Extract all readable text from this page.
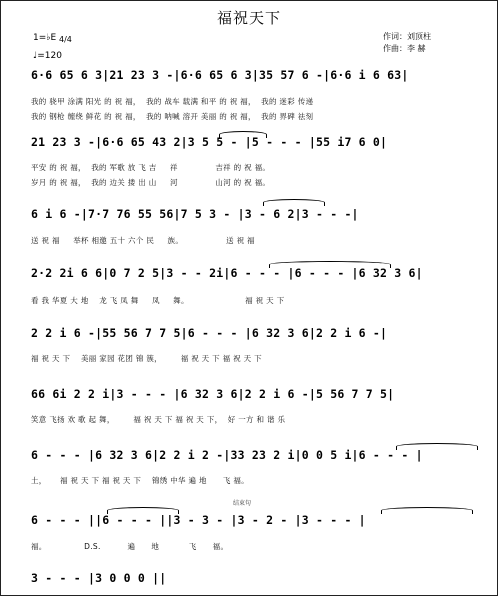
福祝天下
1=♭E 4/4
♩=120
作词：刘顶柱
作曲：李 赫
6·6 65 6 3|21 23 3 -|6·6 65 6 3|35 57 6 -|6·6 i 6 63|
我的 骁甲 涂满 阳光 的 祝 福，  我的 战车 载满 和平 的 祝 福，  我的 迷彩 传递
我的 钢枪 缠绕 鲜花 的 祝 福，  我的 呐喊 溶开 美丽 的 祝 福，  我的 界碑 祛刻
21 23 3 -|6·6 65 43 2|3 5 5 - |5 - - - |55 i7 6 0|
平安 的 祝 福，  我的 军歌 放 飞 吉     祥              吉祥 的 祝 福。
岁月 的 祝 福，  我的 边关 搂 出 山     河              山河 的 祝 福。
6 i 6 -|7·7 76 55 56|7 5 3 - |3 - 6 2|3 - - -|
送 祝 福     举杯 相邀 五十 六个 民     族。                送 祝 福
2·2 2i 6 6|0 7 2 5|3 - - 2i|6 - - - |6 - - - |6 32 3 6|
看 我 华夏 大 地    龙 飞 凤 舞     凤     舞。                     福 祝 天 下
2 2 i 6 -|55 56 7 7 5|6 - - - |6 32 3 6|2 2 i 6 -|
福 祝 天 下    美丽 家园 花团 锦 簇，       福 祝 天 下 福 祝 天 下
66 6i 2 2 i|3 - - - |6 32 3 6|2 2 i 6 -|5 56 7 7 5|
笑意 飞扬 欢 歌 起 舞，       福 祝 天 下 福 祝 天 下，  好 一方 和 谐 乐
6 - - - |6 32 3 6|2 2 i 2 -|33 23 2 i|0 0 5 i|6 - - - |
土，     福 祝 天 下 福 祝 天 下    锦绣 中华 遍 地      飞 福。
结束句
6 - - - ||6 - - - ||3 - 3 - |3 - 2 - |3 - - - |
福。              D.S.          遍      地           飞      福。
3 - - - |3 0 0 0 ||
